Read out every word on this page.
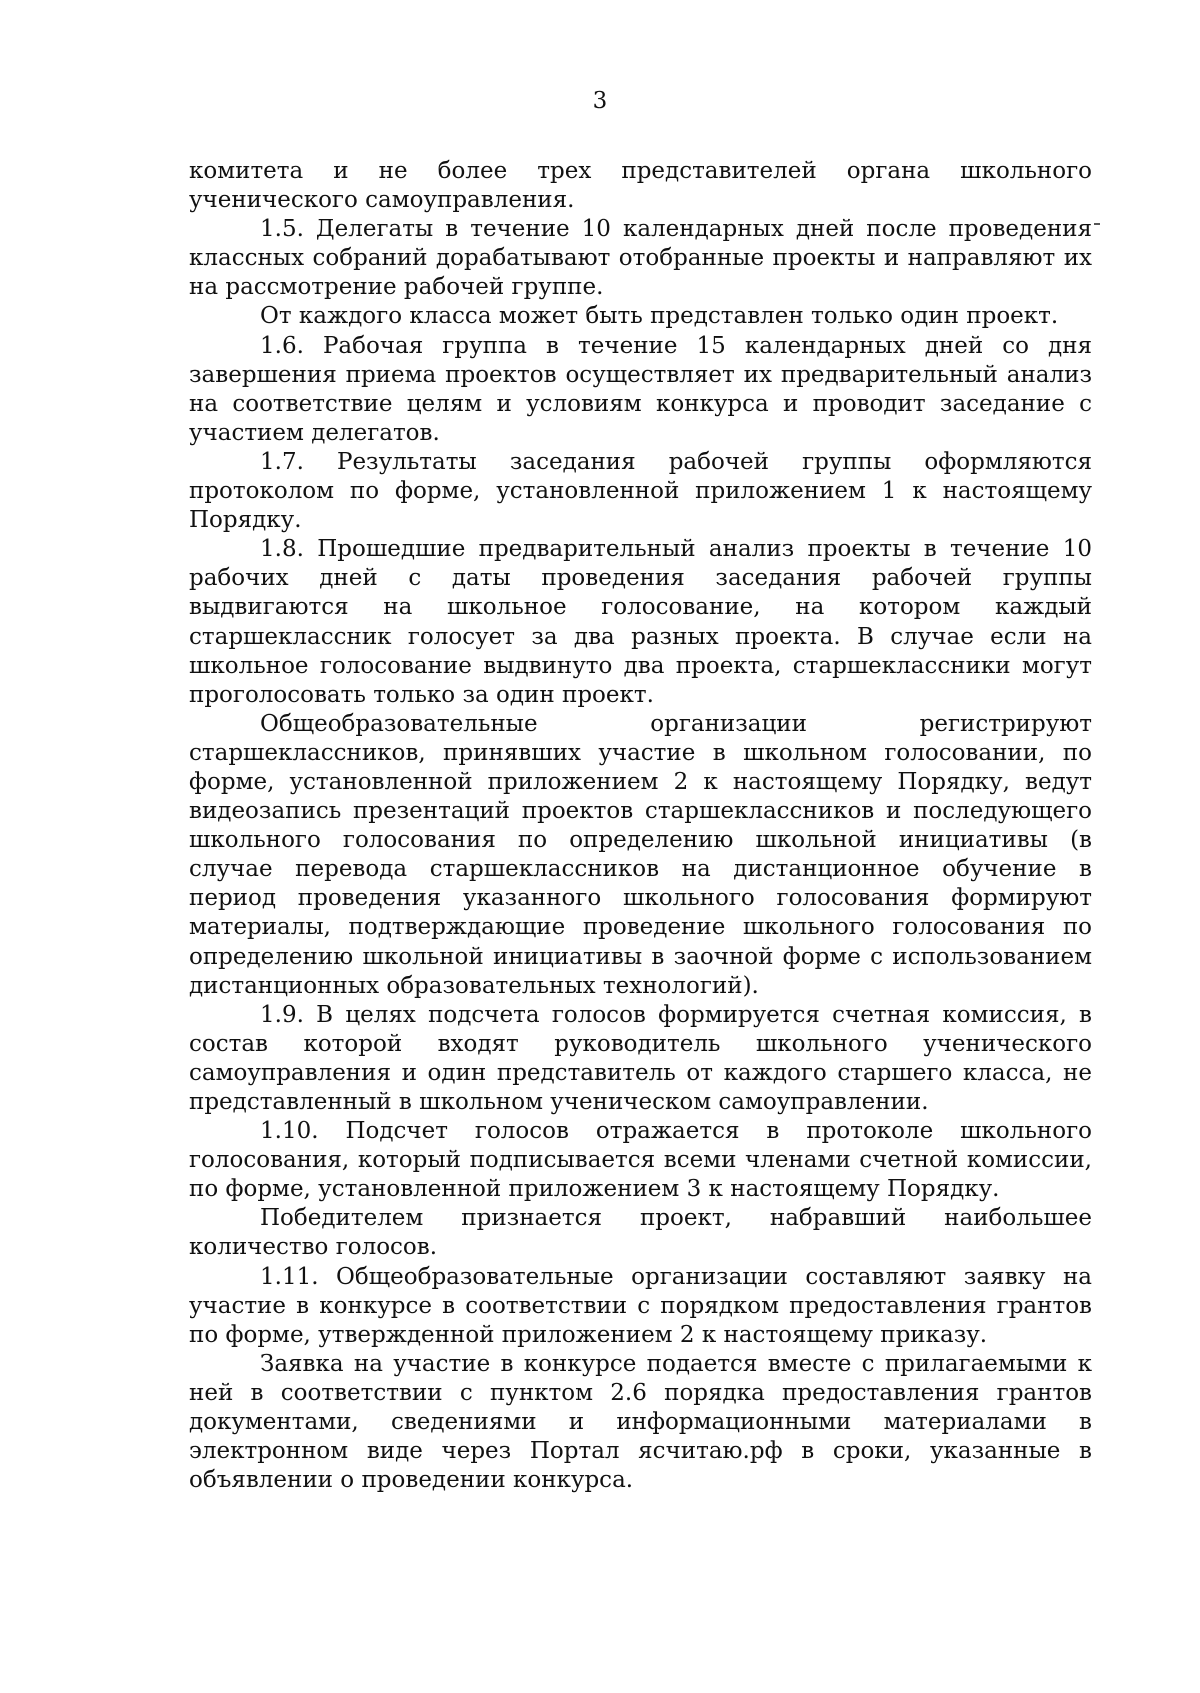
3

комитета и не более трех представителей органа школьного ученического самоуправления.

1.5. Делегаты в течение 10 календарных дней после проведения классных собраний дорабатывают отобранные проекты и направляют их на рассмотрение рабочей группе.

От каждого класса может быть представлен только один проект.

1.6. Рабочая группа в течение 15 календарных дней со дня завершения приема проектов осуществляет их предварительный анализ на соответствие целям и условиям конкурса и проводит заседание с участием делегатов.

1.7. Результаты заседания рабочей группы оформляются протоколом по форме, установленной приложением 1 к настоящему Порядку.

1.8. Прошедшие предварительный анализ проекты в течение 10 рабочих дней с даты проведения заседания рабочей группы выдвигаются на школьное голосование, на котором каждый старшеклассник голосует за два разных проекта. В случае если на школьное голосование выдвинуто два проекта, старшеклассники могут проголосовать только за один проект.

Общеобразовательные организации регистрируют старшеклассников, принявших участие в школьном голосовании, по форме, установленной приложением 2 к настоящему Порядку, ведут видеозапись презентаций проектов старшеклассников и последующего школьного голосования по определению школьной инициативы (в случае перевода старшеклассников на дистанционное обучение в период проведения указанного школьного голосования формируют материалы, подтверждающие проведение школьного голосования по определению школьной инициативы в заочной форме с использованием дистанционных образовательных технологий).

1.9. В целях подсчета голосов формируется счетная комиссия, в состав которой входят руководитель школьного ученического самоуправления и один представитель от каждого старшего класса, не представленный в школьном ученическом самоуправлении.

1.10. Подсчет голосов отражается в протоколе школьного голосования, который подписывается всеми членами счетной комиссии, по форме, установленной приложением 3 к настоящему Порядку.

Победителем признается проект, набравший наибольшее количество голосов.

1.11. Общеобразовательные организации составляют заявку на участие в конкурсе в соответствии с порядком предоставления грантов по форме, утвержденной приложением 2 к настоящему приказу.

Заявка на участие в конкурсе подается вместе с прилагаемыми к ней в соответствии с пунктом 2.6 порядка предоставления грантов документами, сведениями и информационными материалами в электронном виде через Портал ясчитаю.рф в сроки, указанные в объявлении о проведении конкурса.
